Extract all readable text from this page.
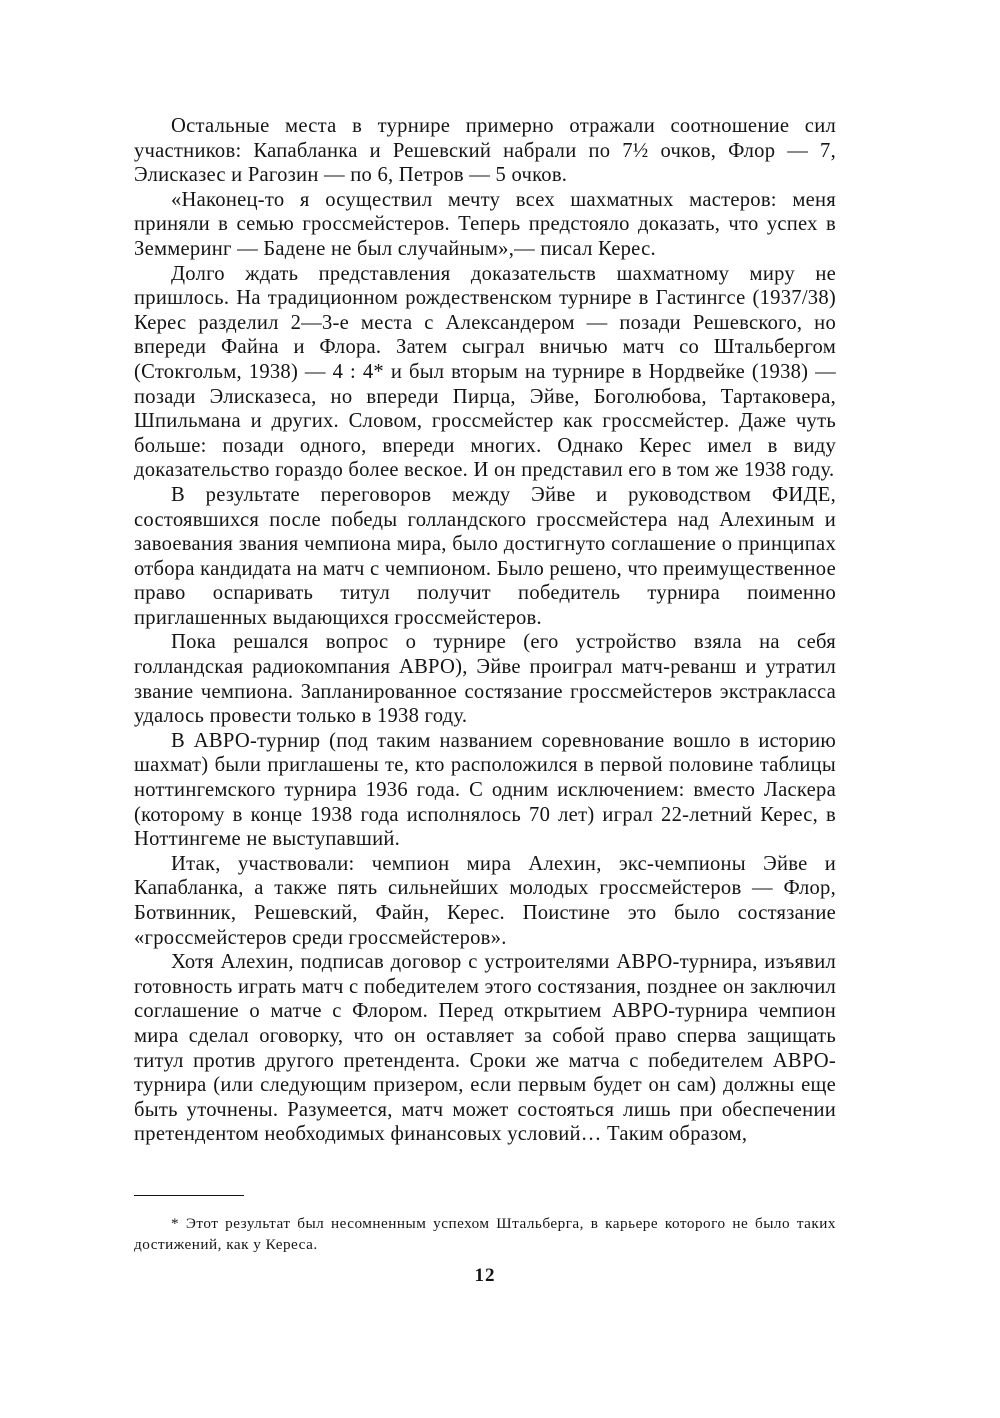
Остальные места в турнире примерно отражали соотношение сил участников: Капабланка и Решевский набрали по 7½ очков, Флор — 7, Элисказес и Рагозин — по 6, Петров — 5 очков.

«Наконец-то я осуществил мечту всех шахматных мастеров: меня приняли в семью гроссмейстеров. Теперь предстояло доказать, что успех в Земмеринг — Бадене не был случайным»,— писал Керес.

Долго ждать представления доказательств шахматному миру не пришлось. На традиционном рождественском турнире в Гастингсе (1937/38) Керес разделил 2—3-е места с Александером — позади Решевского, но впереди Файна и Флора. Затем сыграл вничью матч со Штальбергом (Стокгольм, 1938) — 4 : 4* и был вторым на турнире в Нордвейке (1938) — позади Элисказеса, но впереди Пирца, Эйве, Боголюбова, Тартаковера, Шпильмана и других. Словом, гроссмейстер как гроссмейстер. Даже чуть больше: позади одного, впереди многих. Однако Керес имел в виду доказательство гораздо более веское. И он представил его в том же 1938 году.

В результате переговоров между Эйве и руководством ФИДЕ, состоявшихся после победы голландского гроссмейстера над Алехиным и завоевания звания чемпиона мира, было достигнуто соглашение о принципах отбора кандидата на матч с чемпионом. Было решено, что преимущественное право оспаривать титул получит победитель турнира поименно приглашенных выдающихся гроссмейстеров.

Пока решался вопрос о турнире (его устройство взяла на себя голландская радиокомпания АВРО), Эйве проиграл матч-реванш и утратил звание чемпиона. Запланированное состязание гроссмейстеров экстракласса удалось провести только в 1938 году.

В АВРО-турнир (под таким названием соревнование вошло в историю шахмат) были приглашены те, кто расположился в первой половине таблицы ноттингемского турнира 1936 года. С одним исключением: вместо Ласкера (которому в конце 1938 года исполнялось 70 лет) играл 22-летний Керес, в Ноттингеме не выступавший.

Итак, участвовали: чемпион мира Алехин, экс-чемпионы Эйве и Капабланка, а также пять сильнейших молодых гроссмейстеров — Флор, Ботвинник, Решевский, Файн, Керес. Поистине это было состязание «гроссмейстеров среди гроссмейстеров».

Хотя Алехин, подписав договор с устроителями АВРО-турнира, изъявил готовность играть матч с победителем этого состязания, позднее он заключил соглашение о матче с Флором. Перед открытием АВРО-турнира чемпион мира сделал оговорку, что он оставляет за собой право сперва защищать титул против другого претендента. Сроки же матча с победителем АВРО-турнира (или следующим призером, если первым будет он сам) должны еще быть уточнены. Разумеется, матч может состояться лишь при обеспечении претендентом необходимых финансовых условий… Таким образом,

* Этот результат был несомненным успехом Штальберга, в карьере которого не было таких достижений, как у Кереса.

12
